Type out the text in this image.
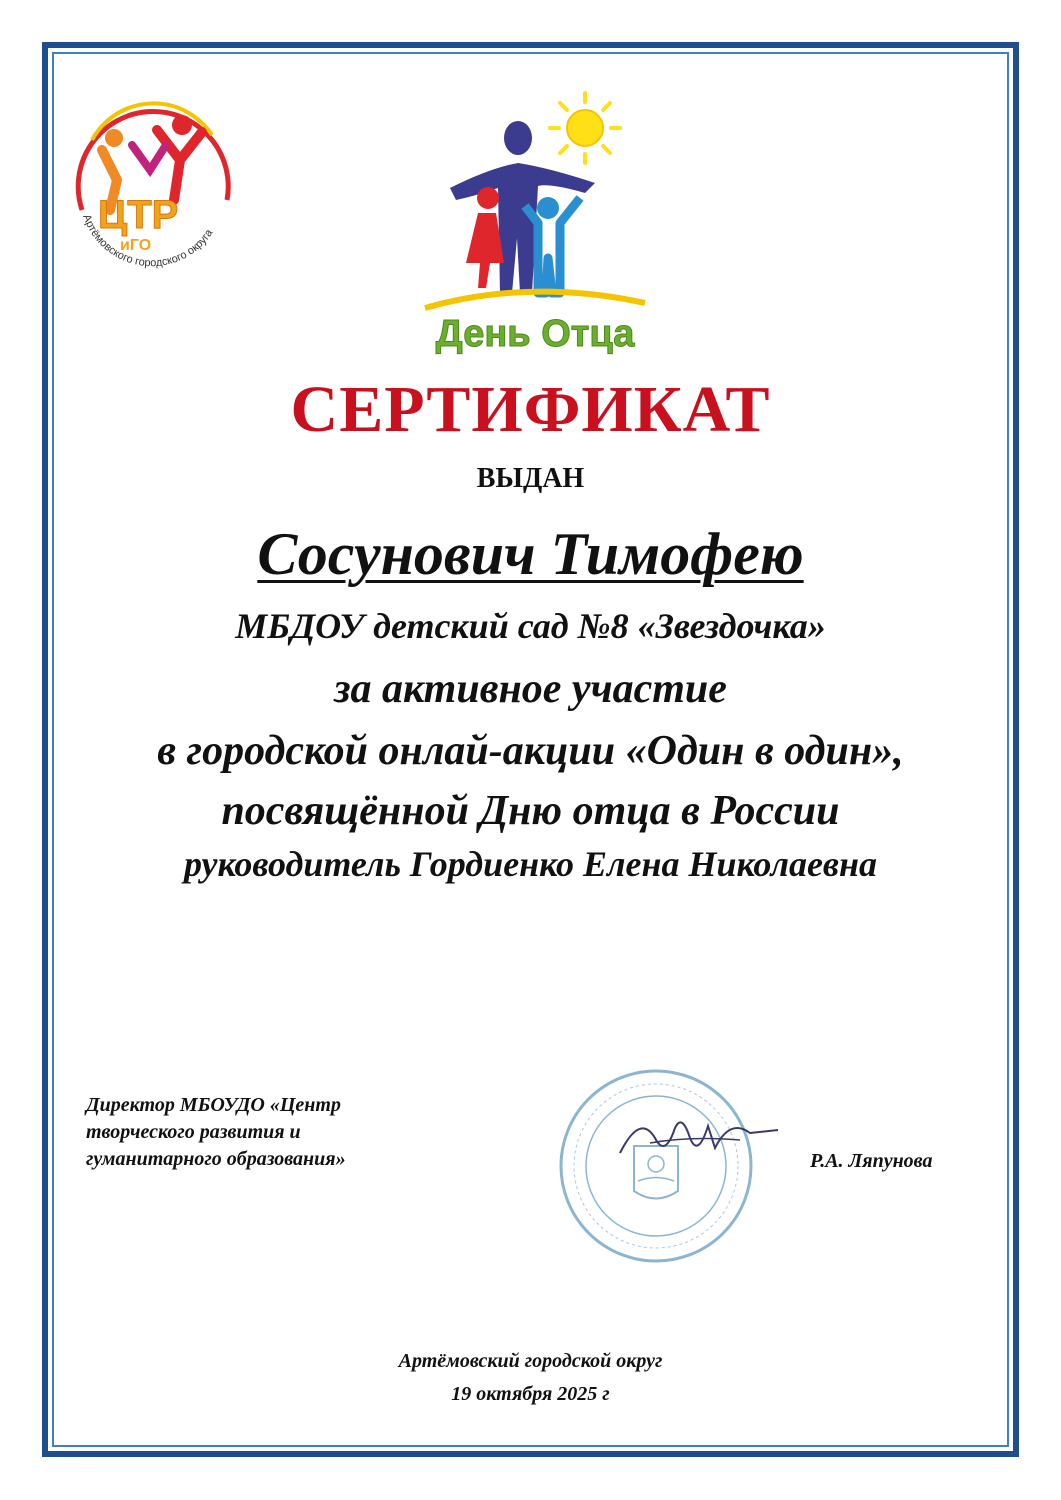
ЦТР
иГО
Артёмовского городского округа
День Отца
СЕРТИФИКАТ
ВЫДАН
Сосунович Тимофею
МБДОУ детский сад №8 «Звездочка»
за активное участие
в городской онлай-акции «Один в один»,
посвящённой Дню отца в России
руководитель Гордиенко Елена Николаевна
Директор МБОУДО «Центр
творческого развития и
гуманитарного образования»	Р.А. Ляпунова
Артёмовский городской округ
19 октября 2025 г
